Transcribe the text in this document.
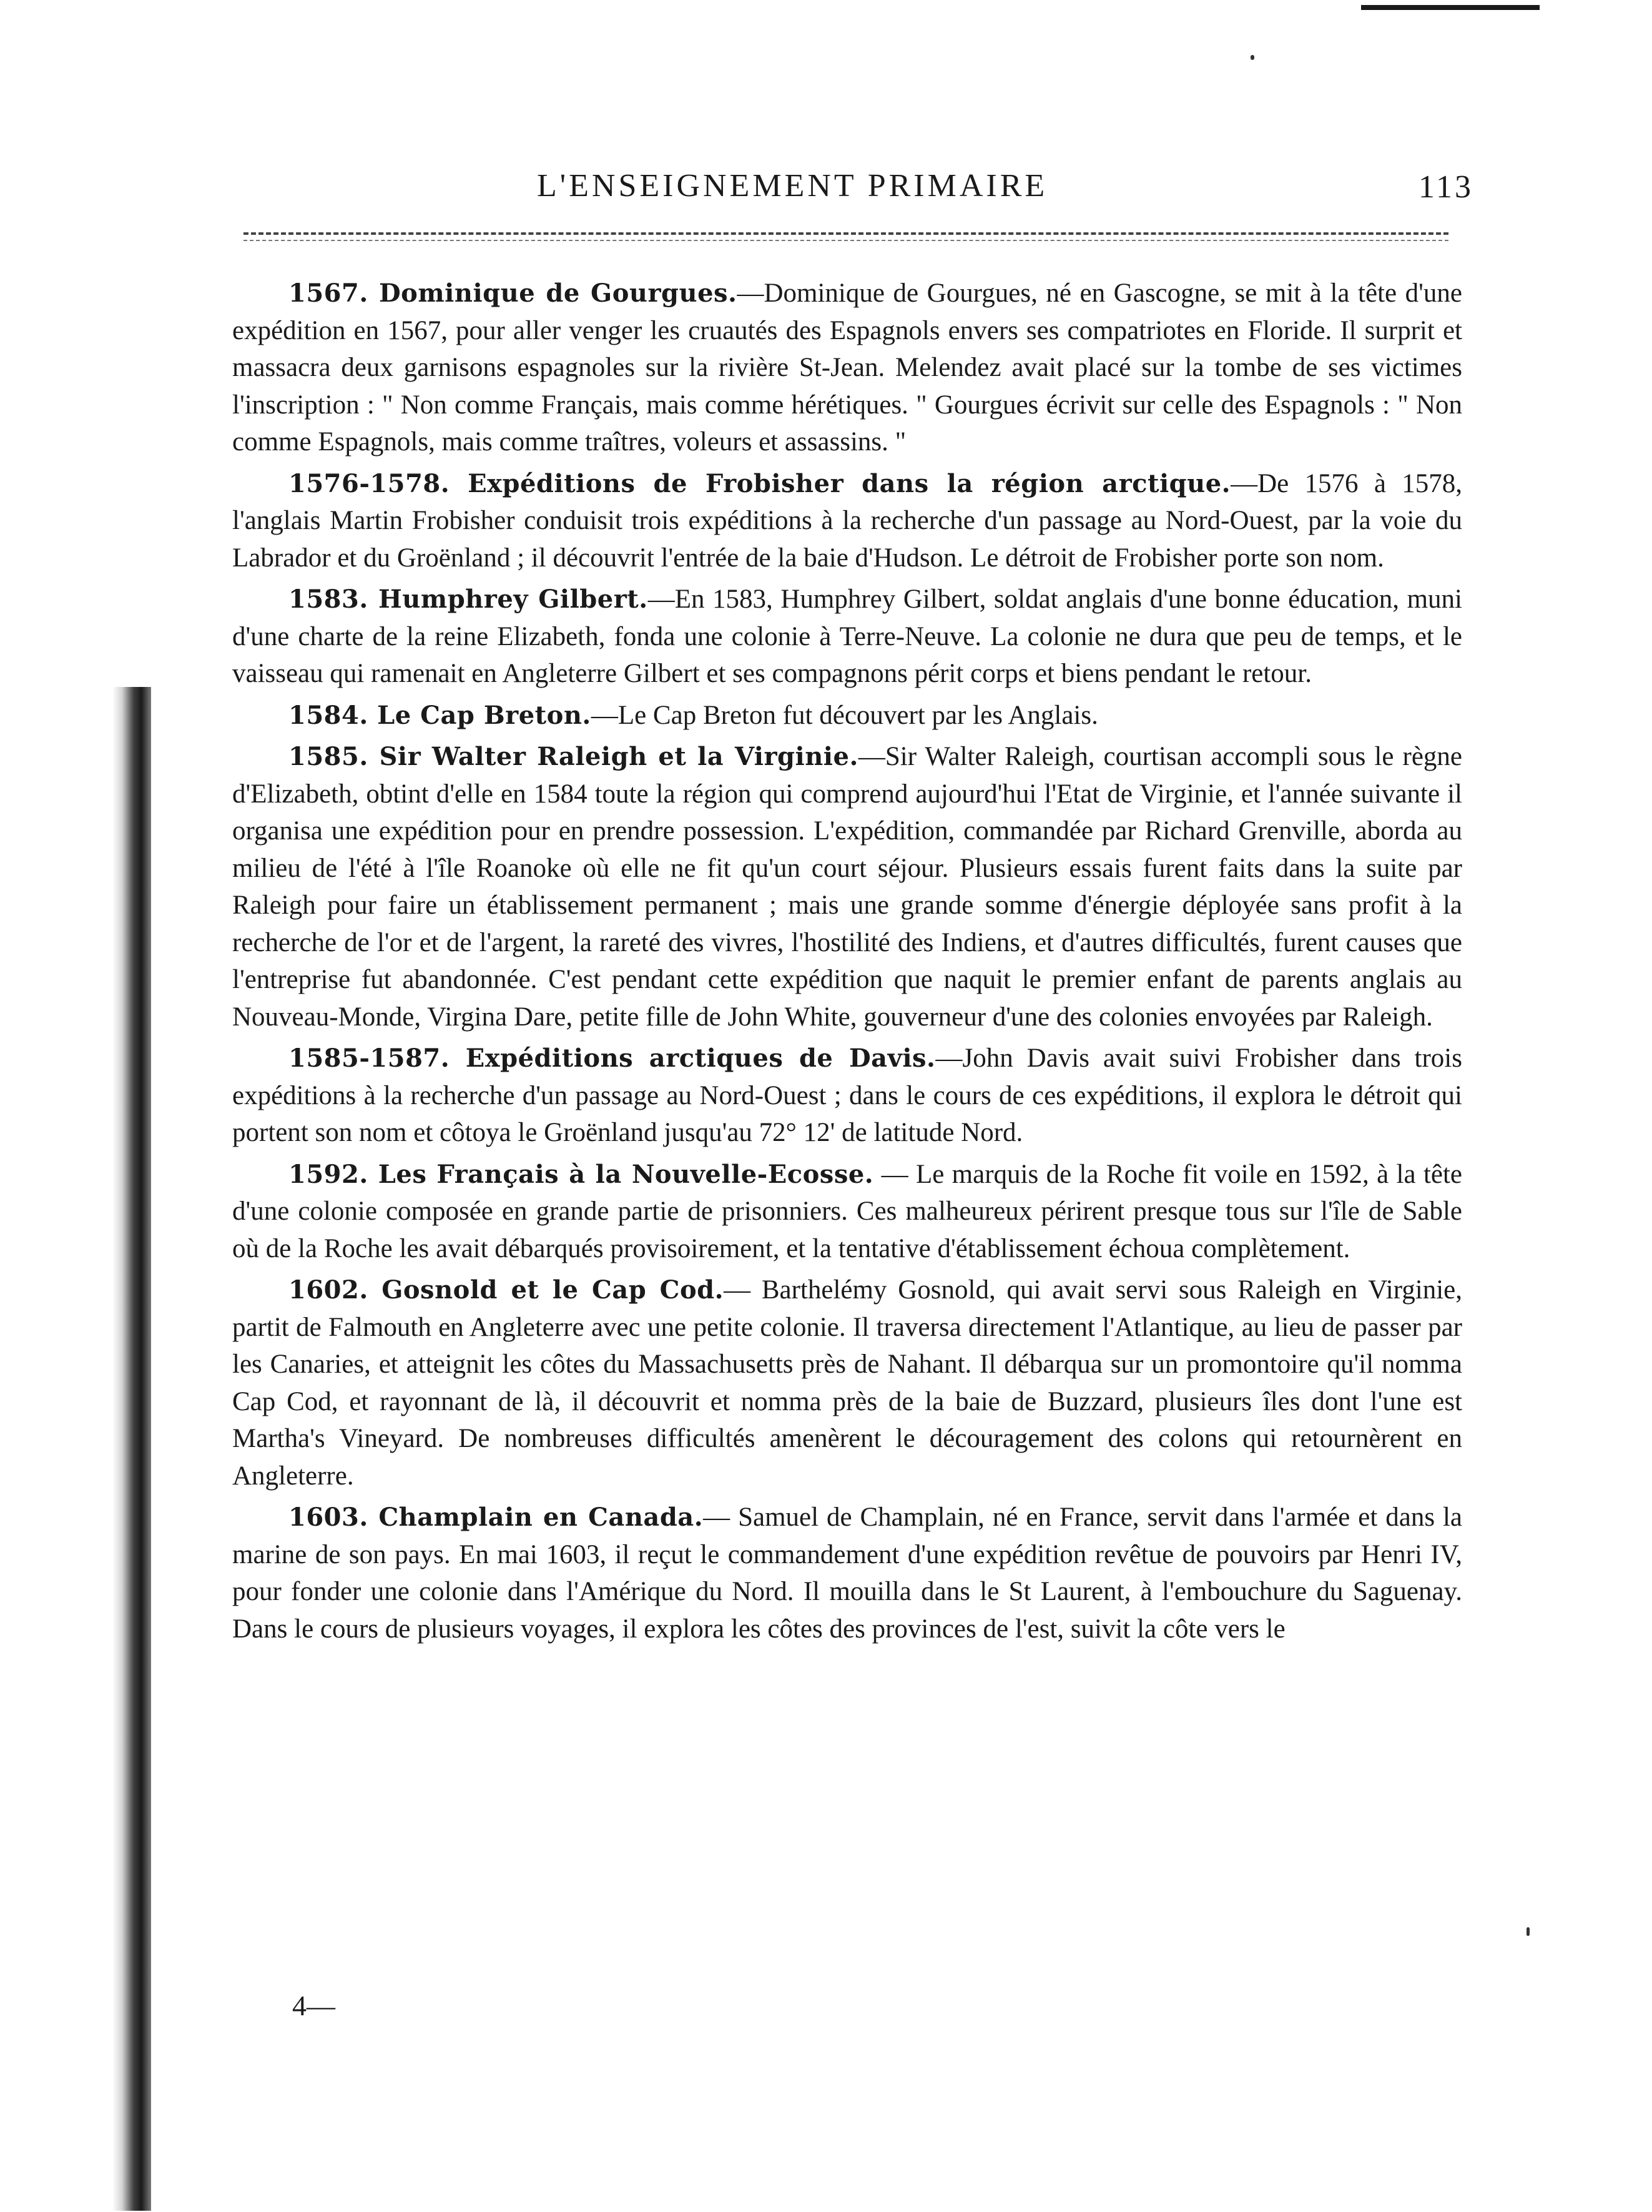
L'ENSEIGNEMENT PRIMAIRE	113

1567. Dominique de Gourgues.—Dominique de Gourgues, né en Gascogne, se mit à la tête d'une expédition en 1567, pour aller venger les cruautés des Espagnols envers ses compatriotes en Floride. Il surprit et massacra deux garnisons espagnoles sur la rivière St-Jean. Melendez avait placé sur la tombe de ses victimes l'inscription : " Non comme Français, mais comme hérétiques. " Gourgues écrivit sur celle des Espagnols : " Non comme Espagnols, mais comme traîtres, voleurs et assassins. "

1576-1578. Expéditions de Frobisher dans la région arctique.—De 1576 à 1578, l'anglais Martin Frobisher conduisit trois expéditions à la recherche d'un passage au Nord-Ouest, par la voie du Labrador et du Groënland ; il découvrit l'entrée de la baie d'Hudson. Le détroit de Frobisher porte son nom.

1583. Humphrey Gilbert.—En 1583, Humphrey Gilbert, soldat anglais d'une bonne éducation, muni d'une charte de la reine Elizabeth, fonda une colonie à Terre-Neuve. La colonie ne dura que peu de temps, et le vaisseau qui ramenait en Angleterre Gilbert et ses compagnons périt corps et biens pendant le retour.

1584. Le Cap Breton.—Le Cap Breton fut découvert par les Anglais.

1585. Sir Walter Raleigh et la Virginie.—Sir Walter Raleigh, courtisan accompli sous le règne d'Elizabeth, obtint d'elle en 1584 toute la région qui comprend aujourd'hui l'Etat de Virginie, et l'année suivante il organisa une expédition pour en prendre possession. L'expédition, commandée par Richard Grenville, aborda au milieu de l'été à l'île Roanoke où elle ne fit qu'un court séjour. Plusieurs essais furent faits dans la suite par Raleigh pour faire un établissement permanent ; mais une grande somme d'énergie déployée sans profit à la recherche de l'or et de l'argent, la rareté des vivres, l'hostilité des Indiens, et d'autres difficultés, furent causes que l'entreprise fut abandonnée. C'est pendant cette expédition que naquit le premier enfant de parents anglais au Nouveau-Monde, Virgina Dare, petite fille de John White, gouverneur d'une des colonies envoyées par Raleigh.

1585-1587. Expéditions arctiques de Davis.—John Davis avait suivi Frobisher dans trois expéditions à la recherche d'un passage au Nord-Ouest ; dans le cours de ces expéditions, il explora le détroit qui portent son nom et côtoya le Groënland jusqu'au 72° 12' de latitude Nord.

1592. Les Français à la Nouvelle-Ecosse. — Le marquis de la Roche fit voile en 1592, à la tête d'une colonie composée en grande partie de prisonniers. Ces malheureux périrent presque tous sur l'île de Sable où de la Roche les avait débarqués provisoirement, et la tentative d'établissement échoua complètement.

1602. Gosnold et le Cap Cod.— Barthelémy Gosnold, qui avait servi sous Raleigh en Virginie, partit de Falmouth en Angleterre avec une petite colonie. Il traversa directement l'Atlantique, au lieu de passer par les Canaries, et atteignit les côtes du Massachusetts près de Nahant. Il débarqua sur un promontoire qu'il nomma Cap Cod, et rayonnant de là, il découvrit et nomma près de la baie de Buzzard, plusieurs îles dont l'une est Martha's Vineyard. De nombreuses difficultés amenèrent le découragement des colons qui retournèrent en Angleterre.

1603. Champlain en Canada.— Samuel de Champlain, né en France, servit dans l'armée et dans la marine de son pays. En mai 1603, il reçut le commandement d'une expédition revêtue de pouvoirs par Henri IV, pour fonder une colonie dans l'Amérique du Nord. Il mouilla dans le St Laurent, à l'embouchure du Saguenay. Dans le cours de plusieurs voyages, il explora les côtes des provinces de l'est, suivit la côte vers le

4—
